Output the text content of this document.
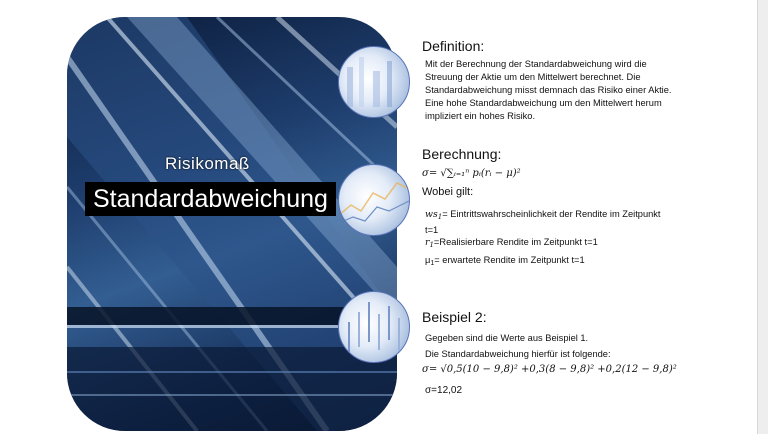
Risikomaß
Standardabweichung
Definition:
Mit der Berechnung der Standardabweichung wird die Streuung der Aktie um den Mittelwert berechnet. Die Standardabweichung misst demnach das Risiko einer Aktie. Eine hohe Standardabweichung um den Mittelwert herum impliziert ein hohes Risiko.
Berechnung:
σ= √∑ᵢ₌₁ⁿ pᵢ(rᵢ − μ)²
Wobei gilt:
$ws_1=$ Eintrittswahrscheinlichkeit der Rendite im Zeitpunkt t=1
$r_1=Realisierbare$ Rendite im Zeitpunkt t=1
$\mu_1=$ erwartete Rendite im Zeitpunkt t=1
Beispiel 2:
Gegeben sind die Werte aus Beispiel 1.
Die Standardabweichung hierfür ist folgende:
σ= √0,5(10 − 9,8)² +0,3(8 − 9,8)² +0,2(12 − 9,8)²
σ=12,02
